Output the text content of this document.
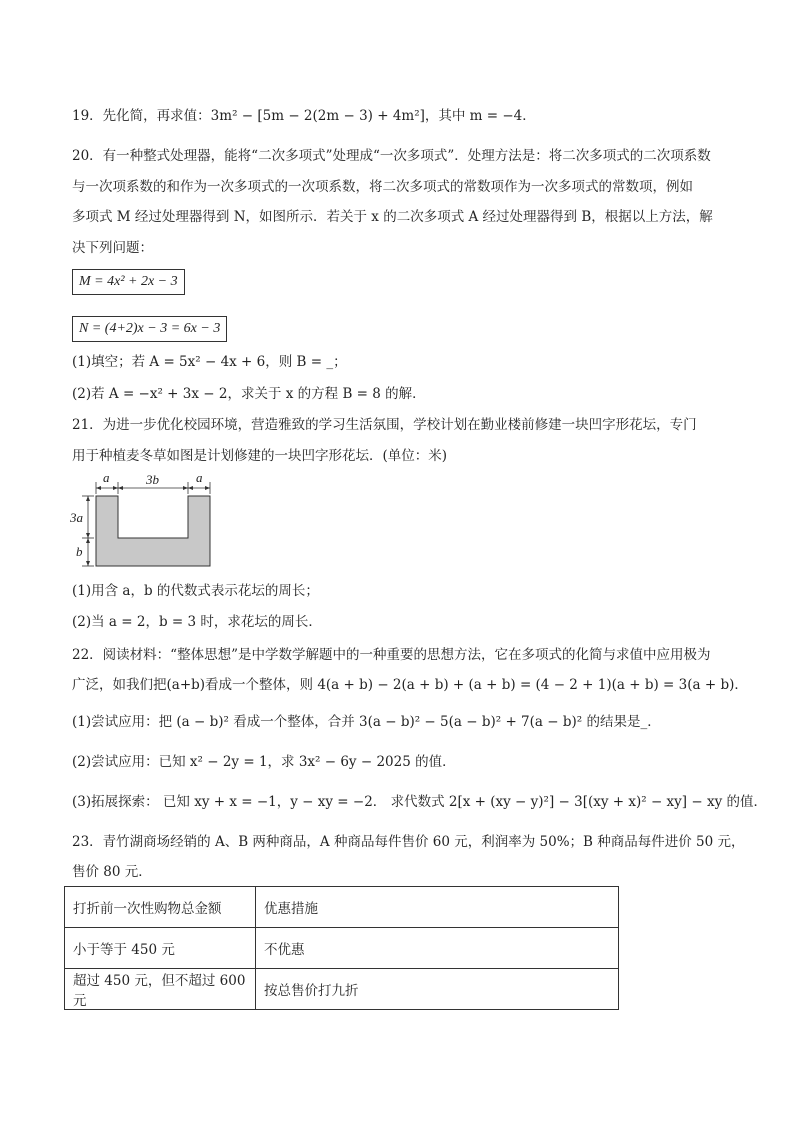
19．先化简，再求值：3m² − [5m − 2(2m − 3) + 4m²]，其中 m = −4．
20．有一种整式处理器，能将“二次多项式”处理成“一次多项式”．处理方法是：将二次多项式的二次项系数
与一次项系数的和作为一次多项式的一次项系数，将二次多项式的常数项作为一次多项式的常数项，例如
多项式 M 经过处理器得到 N，如图所示．若关于 x 的二次多项式 A 经过处理器得到 B，根据以上方法，解
决下列问题：
M = 4x² + 2x − 3
N = (4+2)x − 3 = 6x − 3
(1)填空；若 A = 5x² − 4x + 6，则 B = _；
(2)若 A = −x² + 3x − 2，求关于 x 的方程 B = 8 的解．
21．为进一步优化校园环境，营造雅致的学习生活氛围，学校计划在勤业楼前修建一块凹字形花坛，专门
用于种植麦冬草如图是计划修建的一块凹字形花坛．(单位：米)
a	3b	a
3a
b
(1)用含 a，b 的代数式表示花坛的周长；
(2)当 a = 2，b = 3 时，求花坛的周长．
22．阅读材料：“整体思想”是中学数学解题中的一种重要的思想方法，它在多项式的化简与求值中应用极为
广泛，如我们把(a+b)看成一个整体，则 4(a + b) − 2(a + b) + (a + b) = (4 − 2 + 1)(a + b) = 3(a + b)．
(1)尝试应用：把 (a − b)² 看成一个整体，合并 3(a − b)² − 5(a − b)² + 7(a − b)² 的结果是_．
(2)尝试应用：已知 x² − 2y = 1，求 3x² − 6y − 2025 的值．
(3)拓展探索： 已知 xy + x = −1，y − xy = −2． 求代数式 2[x + (xy − y)²] − 3[(xy + x)² − xy] − xy 的值．
23．青竹湖商场经销的 A、B 两种商品，A 种商品每件售价 60 元，利润率为 50%；B 种商品每件进价 50 元，
售价 80 元．
打折前一次性购物总金额	优惠措施
小于等于 450 元	不优惠
超过 450 元，但不超过 600 元	按总售价打九折
